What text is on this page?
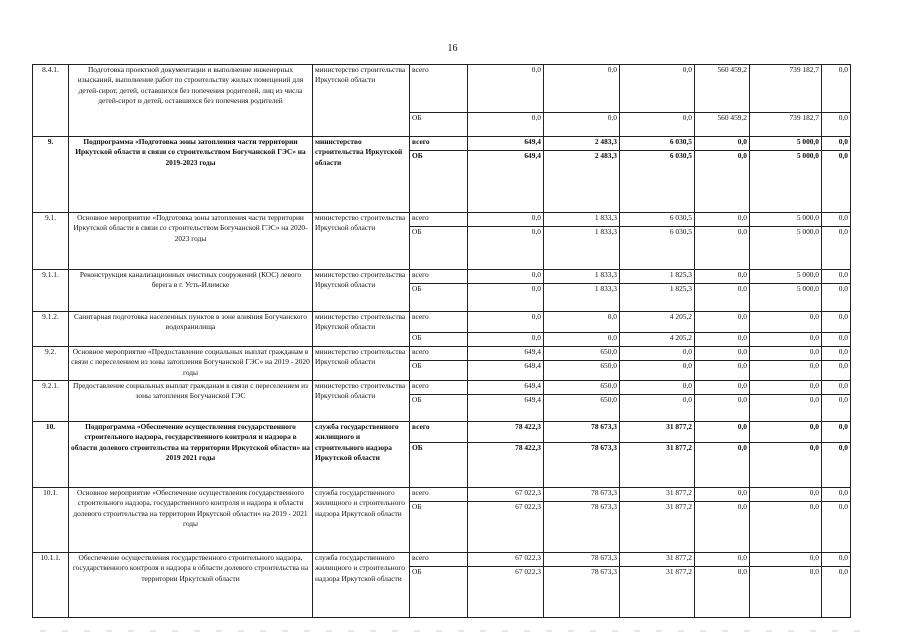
16
8.4.1.	Подготовка проектной документации и выполнение инженерных изысканий, выполнение работ по строительству жилых помещений для детей-сирот, детей, оставшихся без попечения родителей, лиц из числа детей-сирот и детей, оставшихся без попечения родителей	министерство строительства Иркутской области	всего	0,0	0,0	0,0	560 459,2	739 182,7	0,0
			ОБ	0,0	0,0	0,0	560 459,2	739 182,7	0,0
9.	Подпрограмма «Подготовка зоны затопления части территории Иркутской области в связи со строительством Богучанской ГЭС» на 2019-2023 годы	министерство строительства Иркутской области	всего	649,4	2 483,3	6 030,5	0,0	5 000,0	0,0
			ОБ	649,4	2 483,3	6 030,5	0,0	5 000,0	0,0
9.1.	Основное мероприятие «Подготовка зоны затопления части территории Иркутской области в связи со строительством Богучанской ГЭС» на 2020-2023 годы	министерство строительства Иркутской области	всего	0,0	1 833,3	6 030,5	0,0	5 000,0	0,0
			ОБ	0,0	1 833,3	6 030,5	0,0	5 000,0	0,0
9.1.1.	Реконструкция канализационных очистных сооружений (КОС) левого берега в г. Усть-Илимске	министерство строительства Иркутской области	всего	0,0	1 833,3	1 825,3	0,0	5 000,0	0,0
			ОБ	0,0	1 833,3	1 825,3	0,0	5 000,0	0,0
9.1.2.	Санитарная подготовка населенных пунктов в зоне влияния Богучанского водохранилища	министерство строительства Иркутской области	всего	0,0	0,0	4 205,2	0,0	0,0	0,0
			ОБ	0,0	0,0	4 205,2	0,0	0,0	0,0
9.2.	Основное мероприятие «Предоставление социальных выплат гражданам в связи с переселением из зоны затопления Богучанской ГЭС» на 2019 - 2020 годы	министерство строительства Иркутской области	всего	649,4	650,0	0,0	0,0	0,0	0,0
			ОБ	649,4	650,0	0,0	0,0	0,0	0,0
9.2.1.	Предоставление социальных выплат гражданам в связи с переселением из зоны затопления Богучанской ГЭС	министерство строительства Иркутской области	всего	649,4	650,0	0,0	0,0	0,0	0,0
			ОБ	649,4	650,0	0,0	0,0	0,0	0,0
10.	Подпрограмма «Обеспечение осуществления государственного строительного надзора, государственного контроля и надзора в области долевого строительства на территории Иркутской области» на 2019 2021 годы	служба государственного жилищного и строительного надзора Иркутской области	всего	78 422,3	78 673,3	31 877,2	0,0	0,0	0,0
			ОБ	78 422,3	78 673,3	31 877,2	0,0	0,0	0,0
10.1.	Основное мероприятие «Обеспечение осуществления государственного строительного надзора, государственного контроля и надзора в области долевого строительства на территории Иркутской области» на 2019 - 2021 годы	служба государственного жилищного и строительного надзора Иркутской области	всего	67 022,3	78 673,3	31 877,2	0,0	0,0	0,0
			ОБ	67 022,3	78 673,3	31 877,2	0,0	0,0	0,0
10.1.1.	Обеспечение осуществления государственного строительного надзора, государственного контроля и надзора в области долевого строительства на территории Иркутской области	служба государственного жилищного и строительного надзора Иркутской области	всего	67 022,3	78 673,3	31 877,2	0,0	0,0	0,0
			ОБ	67 022,3	78 673,3	31 877,2	0,0	0,0	0,0
